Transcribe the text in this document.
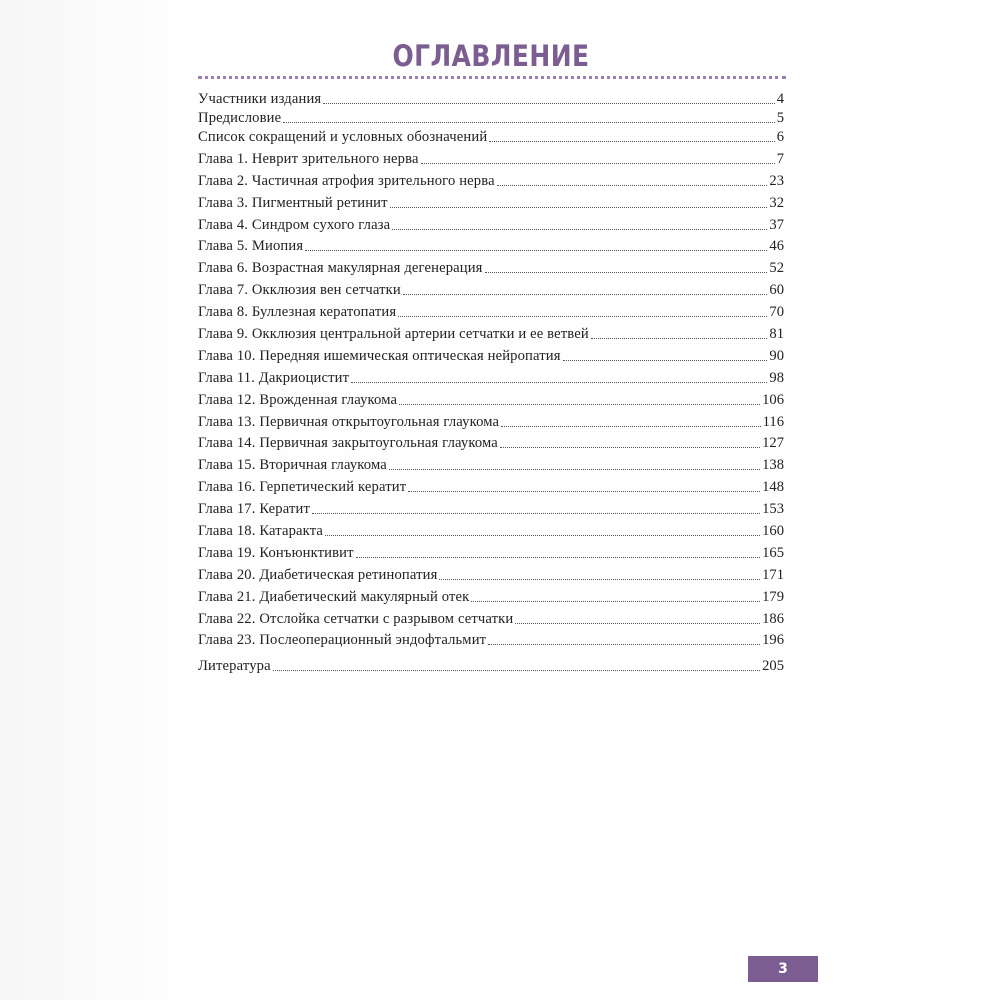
ОГЛАВЛЕНИЕ
Участники издания	4
Предисловие	5
Список сокращений и условных обозначений	6
Глава 1. Неврит зрительного нерва	7
Глава 2. Частичная атрофия зрительного нерва	23
Глава 3. Пигментный ретинит	32
Глава 4. Синдром сухого глаза	37
Глава 5. Миопия	46
Глава 6. Возрастная макулярная дегенерация	52
Глава 7. Окклюзия вен сетчатки	60
Глава 8. Буллезная кератопатия	70
Глава 9. Окклюзия центральной артерии сетчатки и ее ветвей	81
Глава 10. Передняя ишемическая оптическая нейропатия	90
Глава 11. Дакриоцистит	98
Глава 12. Врожденная глаукома	106
Глава 13. Первичная открытоугольная глаукома	116
Глава 14. Первичная закрытоугольная глаукома	127
Глава 15. Вторичная глаукома	138
Глава 16. Герпетический кератит	148
Глава 17. Кератит	153
Глава 18. Катаракта	160
Глава 19. Конъюнктивит	165
Глава 20. Диабетическая ретинопатия	171
Глава 21. Диабетический макулярный отек	179
Глава 22. Отслойка сетчатки с разрывом сетчатки	186
Глава 23. Послеоперационный эндофтальмит	196
Литература	205
3
